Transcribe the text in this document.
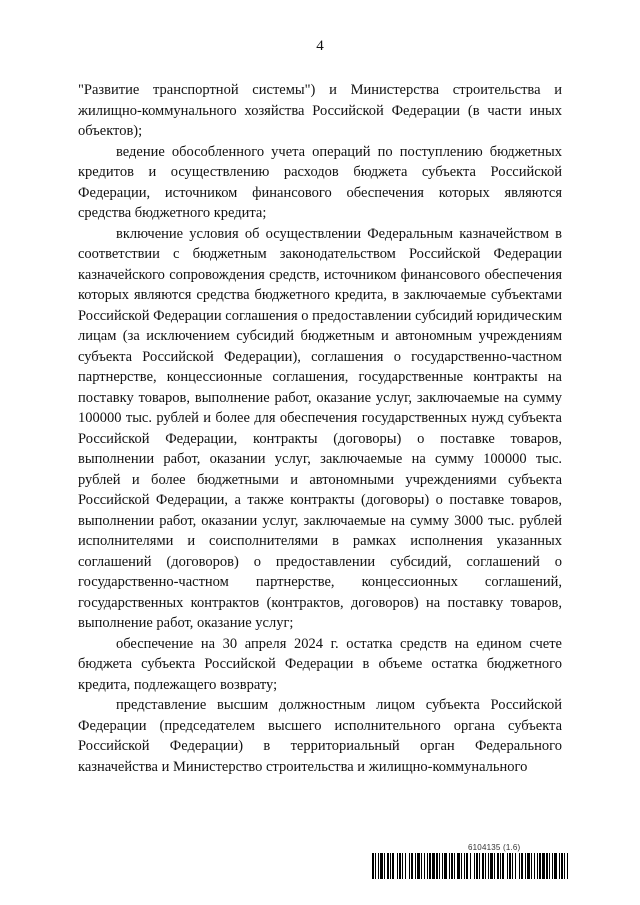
4

"Развитие транспортной системы") и Министерства строительства и жилищно-коммунального хозяйства Российской Федерации (в части иных объектов);

ведение обособленного учета операций по поступлению бюджетных кредитов и осуществлению расходов бюджета субъекта Российской Федерации, источником финансового обеспечения которых являются средства бюджетного кредита;

включение условия об осуществлении Федеральным казначейством в соответствии с бюджетным законодательством Российской Федерации казначейского сопровождения средств, источником финансового обеспечения которых являются средства бюджетного кредита, в заключаемые субъектами Российской Федерации соглашения о предоставлении субсидий юридическим лицам (за исключением субсидий бюджетным и автономным учреждениям субъекта Российской Федерации), соглашения о государственно-частном партнерстве, концессионные соглашения, государственные контракты на поставку товаров, выполнение работ, оказание услуг, заключаемые на сумму 100000 тыс. рублей и более для обеспечения государственных нужд субъекта Российской Федерации, контракты (договоры) о поставке товаров, выполнении работ, оказании услуг, заключаемые на сумму 100000 тыс. рублей и более бюджетными и автономными учреждениями субъекта Российской Федерации, а также контракты (договоры) о поставке товаров, выполнении работ, оказании услуг, заключаемые на сумму 3000 тыс. рублей исполнителями и соисполнителями в рамках исполнения указанных соглашений (договоров) о предоставлении субсидий, соглашений о государственно-частном партнерстве, концессионных соглашений, государственных контрактов (контрактов, договоров) на поставку товаров, выполнение работ, оказание услуг;

обеспечение на 30 апреля 2024 г. остатка средств на едином счете бюджета субъекта Российской Федерации в объеме остатка бюджетного кредита, подлежащего возврату;

представление высшим должностным лицом субъекта Российской Федерации (председателем высшего исполнительного органа субъекта Российской Федерации) в территориальный орган Федерального казначейства и Министерство строительства и жилищно-коммунального

6104135 (1.6)
